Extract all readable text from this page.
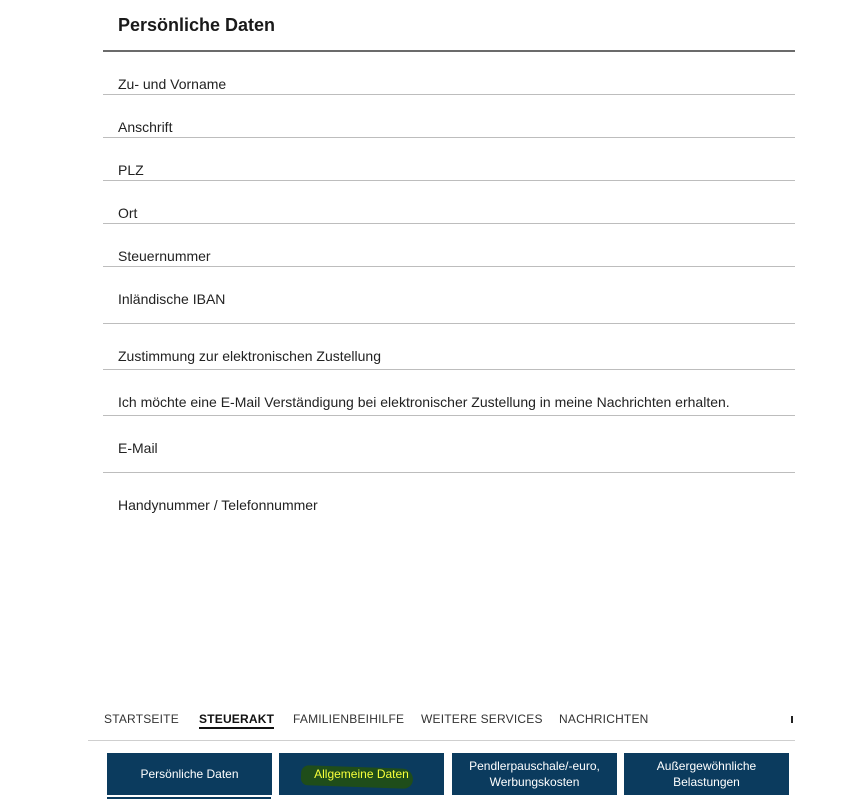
Persönliche Daten
Zu- und Vorname
Anschrift
PLZ
Ort
Steuernummer
Inländische IBAN
Zustimmung zur elektronischen Zustellung
Ich möchte eine E-Mail Verständigung bei elektronischer Zustellung in meine Nachrichten erhalten.
E-Mail
Handynummer / Telefonnummer
STARTSEITE STEUERAKT FAMILIENBEIHILFE WEITERE SERVICES NACHRICHTEN
Persönliche Daten	Allgemeine Daten
Pendlerpauschale/-euro, Werbungskosten
Außergewöhnliche Belastungen
